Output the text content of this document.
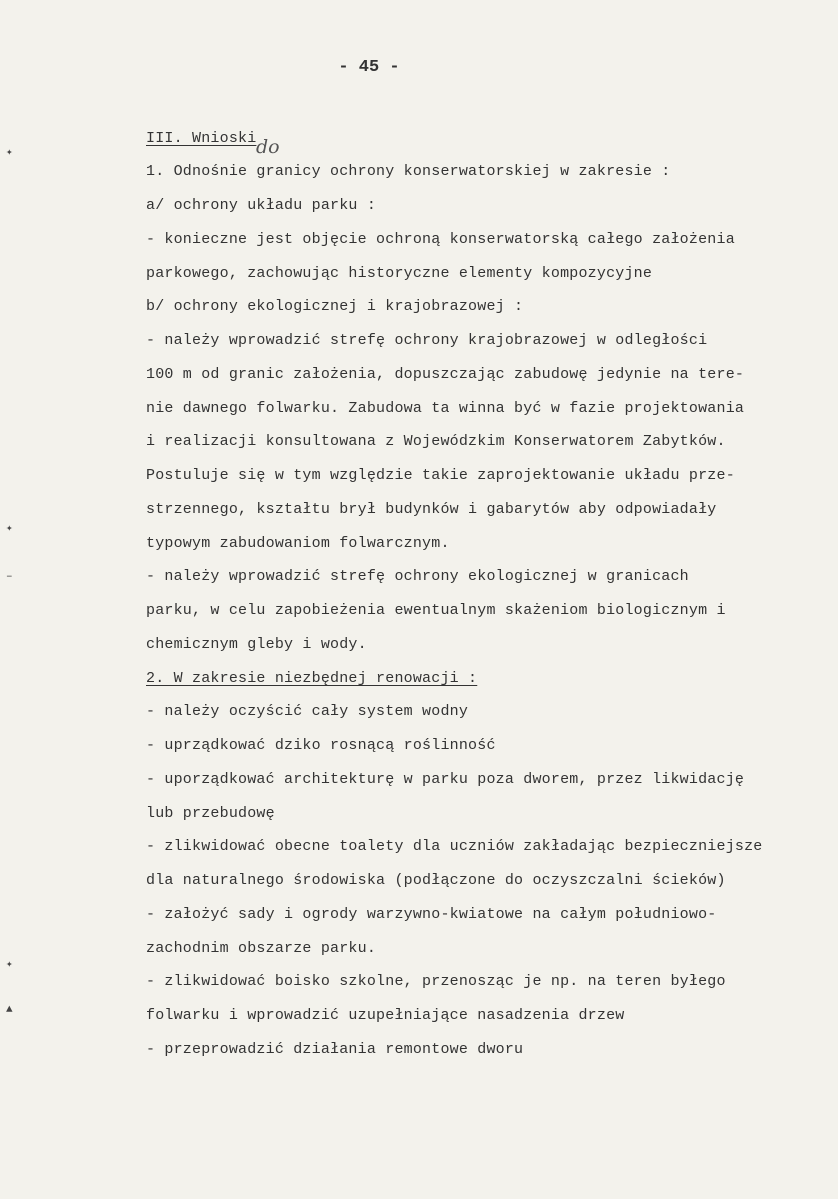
- 45 -
do
✦
✦
–
✦
▲
III. Wnioski
1. Odnośnie granicy ochrony konserwatorskiej w zakresie :
a/ ochrony układu parku :
- konieczne jest objęcie ochroną konserwatorską całego założenia
parkowego, zachowując historyczne elementy kompozycyjne
b/ ochrony ekologicznej i krajobrazowej :
- należy wprowadzić strefę ochrony krajobrazowej w odległości
100 m od granic założenia, dopuszczając zabudowę jedynie na tere-
nie dawnego folwarku. Zabudowa ta winna być w fazie projektowania
i realizacji konsultowana z Wojewódzkim Konserwatorem Zabytków.
Postuluje się w tym względzie takie zaprojektowanie układu prze-
strzennego, kształtu brył budynków i gabarytów aby odpowiadały
typowym zabudowaniom folwarcznym.
- należy wprowadzić strefę ochrony ekologicznej w granicach
parku, w celu zapobieżenia ewentualnym skażeniom biologicznym i
chemicznym gleby i wody.
2. W zakresie niezbędnej renowacji :
- należy oczyścić cały system wodny
- uprządkować dziko rosnącą roślinność
- uporządkować architekturę w parku poza dworem, przez likwidację
lub przebudowę
- zlikwidować obecne toalety dla uczniów zakładając bezpieczniejsze
dla naturalnego środowiska (podłączone do oczyszczalni ścieków)
- założyć sady i ogrody warzywno-kwiatowe na całym południowo-
zachodnim obszarze parku.
- zlikwidować boisko szkolne, przenosząc je np. na teren byłego
folwarku i wprowadzić uzupełniające nasadzenia drzew
- przeprowadzić działania remontowe dworu
